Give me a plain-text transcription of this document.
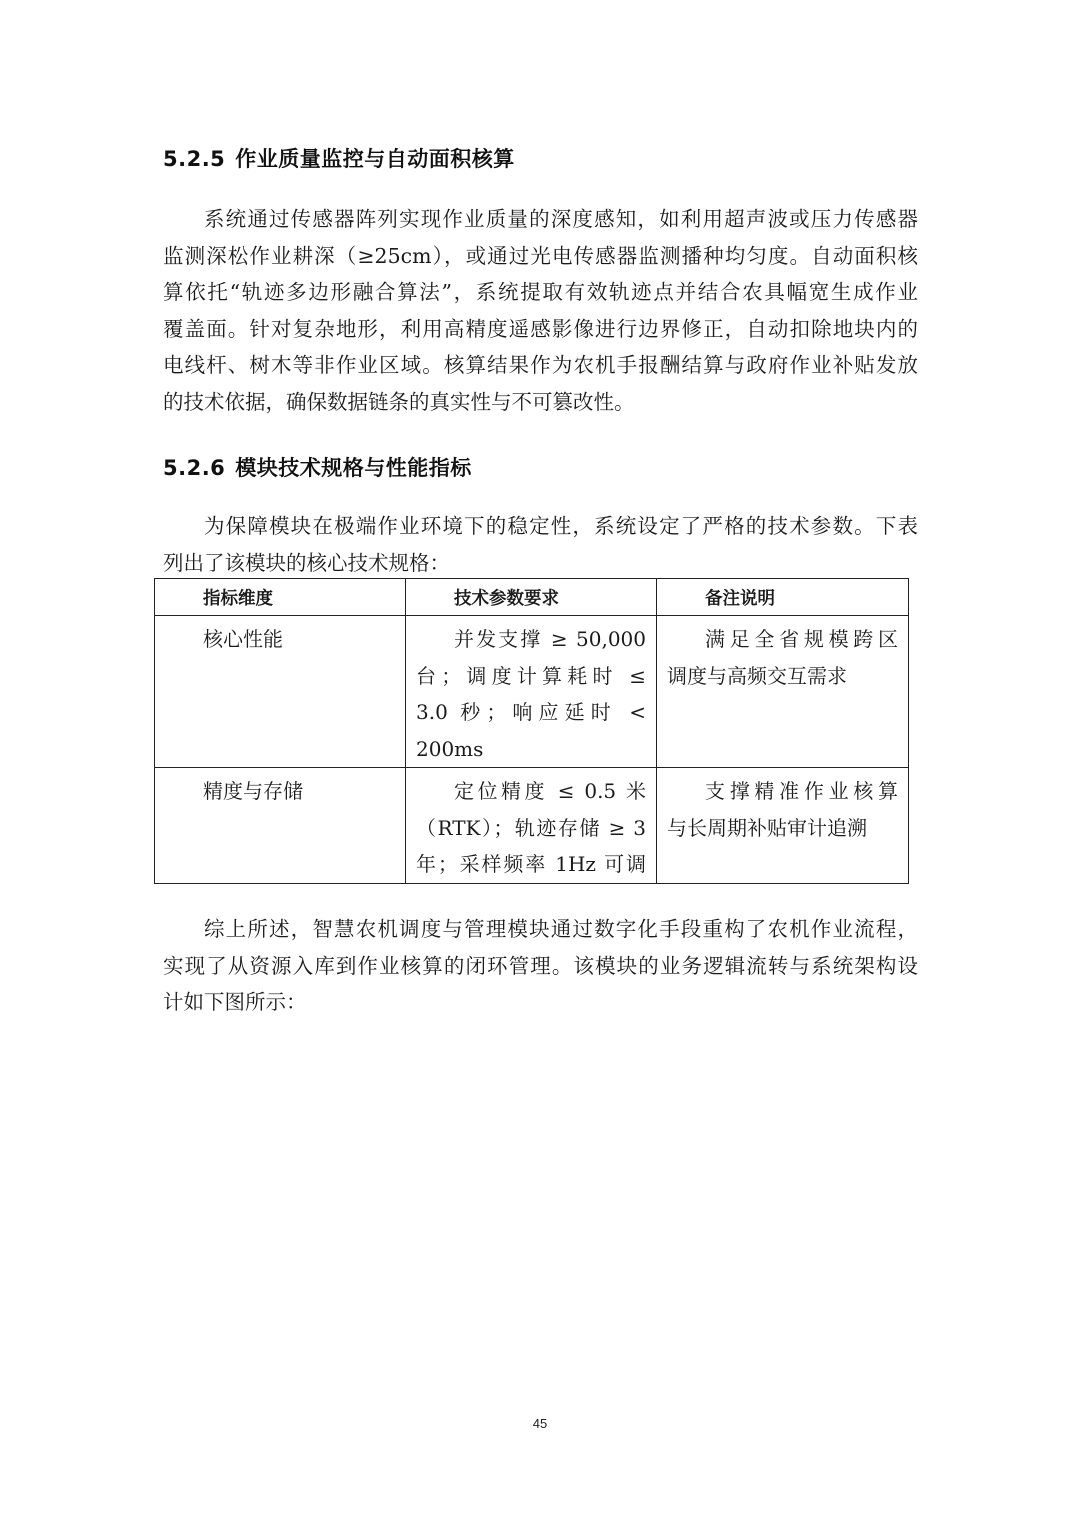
5.2.5 作业质量监控与自动面积核算
系统通过传感器阵列实现作业质量的深度感知，如利用超声波或压力传感器
监测深松作业耕深（≥25cm），或通过光电传感器监测播种均匀度。自动面积核
算依托“轨迹多边形融合算法”，系统提取有效轨迹点并结合农具幅宽生成作业
覆盖面。针对复杂地形，利用高精度遥感影像进行边界修正，自动扣除地块内的
电线杆、树木等非作业区域。核算结果作为农机手报酬结算与政府作业补贴发放
的技术依据，确保数据链条的真实性与不可篡改性。
5.2.6 模块技术规格与性能指标
为保障模块在极端作业环境下的稳定性，系统设定了严格的技术参数。下表
列出了该模块的核心技术规格：
指标维度	技术参数要求	备注说明

核心性能	并发支撑 ≥ 50,000
台；调度计算耗时 ≤
3.0 秒；响应延时 <
200ms	满足全省规模跨区
调度与高频交互需求

精度与存储	定位精度 ≤ 0.5 米
（RTK）；轨迹存储 ≥ 3
年；采样频率 1Hz 可调	支撑精准作业核算
与长周期补贴审计追溯
综上所述，智慧农机调度与管理模块通过数字化手段重构了农机作业流程，
实现了从资源入库到作业核算的闭环管理。该模块的业务逻辑流转与系统架构设
计如下图所示：
45
